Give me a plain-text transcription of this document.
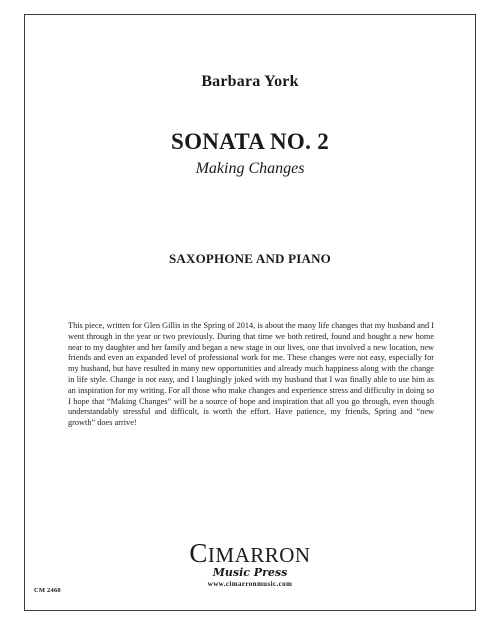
Barbara York
SONATA NO. 2
Making Changes
SAXOPHONE AND PIANO
This piece, written for Glen Gillis in the Spring of 2014, is about the many life changes that my husband and I went through in the year or two previously. During that time we both retired, found and bought a new home near to my daughter and her family and began a new stage in our lives, one that involved a new location, new friends and even an expanded level of professional work for me. These changes were not easy, especially for my husband, but have resulted in many new opportunities and already much happiness along with the change in life style. Change is not easy, and I laughingly joked with my husband that I was finally able to use him as an inspiration for my writing. For all those who make changes and experience stress and difficulty in doing so I hope that “Making Changes” will be a source of hope and inspiration that all you go through, even though understandably stressful and difficult, is worth the effort. Have patience, my friends, Spring and “new growth” does arrive!
CIMARRON
Music Press
www.cimarronmusic.com
CM 2460
